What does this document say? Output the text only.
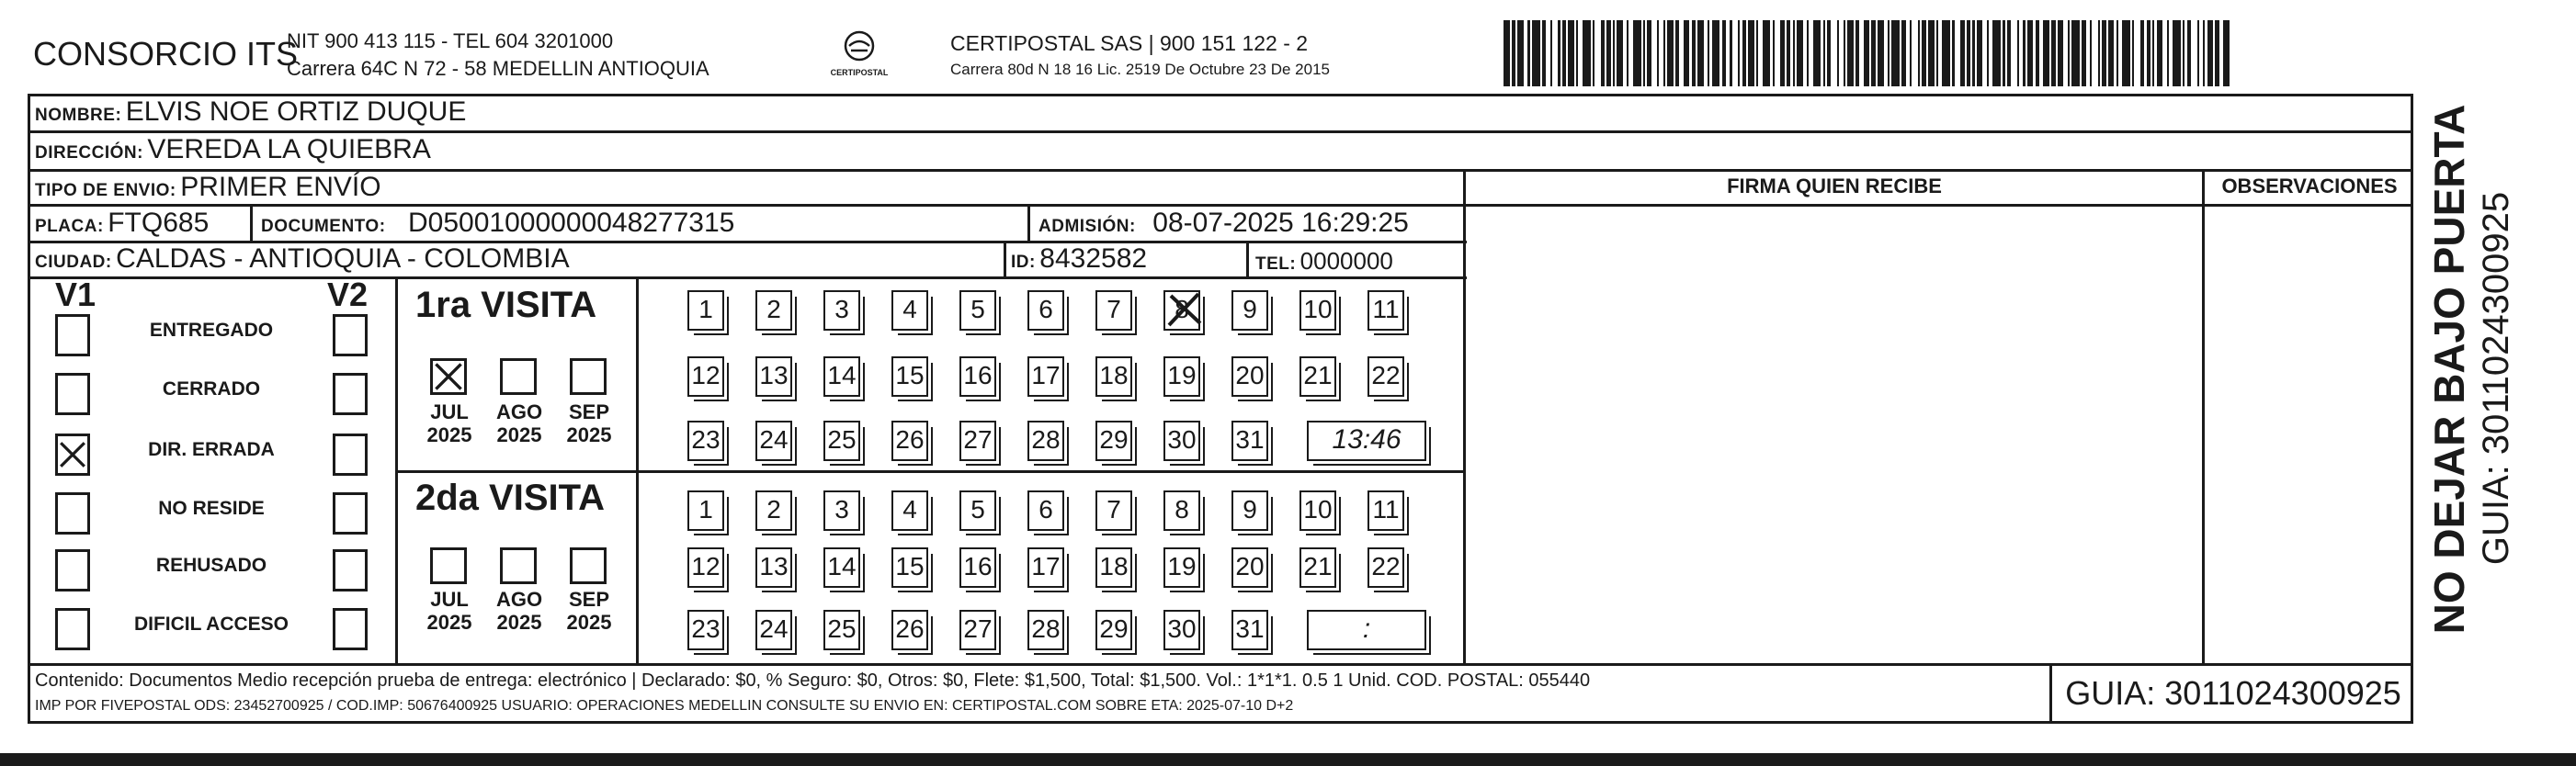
CONSORCIO ITS
NIT 900 413 115 - TEL 604 3201000
Carrera 64C N 72 - 58 MEDELLIN ANTIOQUIA	CERTIPOSTAL
CERTIPOSTAL SAS | 900 151 122 - 2
Carrera 80d N 18 16 Lic. 2519 De Octubre 23 De 2015
NOMBRE: ELVIS NOE ORTIZ DUQUE
DIRECCIÓN: VEREDA LA QUIEBRA
TIPO DE ENVIO: PRIMER ENVÍO
PLACA: FTQ685	DOCUMENTO: D05001000000048277315	ADMISIÓN: 08-07-2025 16:29:25
CIUDAD: CALDAS - ANTIOQUIA - COLOMBIA	ID: 8432582	TEL: 0000000
FIRMA QUIEN RECIBE	OBSERVACIONES
V1	V2
ENTREGADO
CERRADO
DIR. ERRADA
NO RESIDE
REHUSADO
DIFICIL ACCESO
1ra VISITA
JUL
2025
AGO
2025
SEP
2025
1	2	3	4	5	6	7	8	9	10 11
12 13 14 15 16 17 18 19 20 21 22
23 24 25 26 27 28 29 30 31	13:46
2da VISITA
JUL
2025
AGO
2025
SEP
2025
1	2	3	4	5	6	7	8	9	10 11
12 13 14 15 16 17 18 19 20 21 22
23 24 25 26 27 28 29 30 31	:
Contenido: Documentos Medio recepción prueba de entrega: electrónico | Declarado: $0, % Seguro: $0, Otros: $0, Flete: $1,500, Total: $1,500. Vol.: 1*1*1. 0.5 1 Unid. COD. POSTAL: 055440
IMP POR FIVEPOSTAL ODS: 23452700925 / COD.IMP: 50676400925 USUARIO: OPERACIONES MEDELLIN CONSULTE SU ENVIO EN: CERTIPOSTAL.COM SOBRE ETA: 2025-07-10 D+2	GUIA: 3011024300925
NO DEJAR BAJO PUERTA GUIA: 3011024300925
